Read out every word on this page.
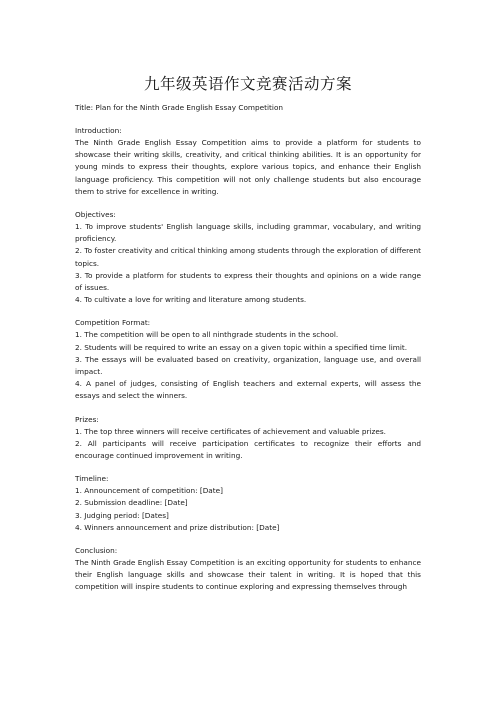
九年级英语作文竞赛活动方案
Title: Plan for the Ninth Grade English Essay Competition
Introduction:

The Ninth Grade English Essay Competition aims to provide a platform for students to showcase their writing skills, creativity, and critical thinking abilities. It is an opportunity for young minds to express their thoughts, explore various topics, and enhance their English language proficiency. This competition will not only challenge students but also encourage them to strive for excellence in writing.

Objectives:

1. To improve students' English language skills, including grammar, vocabulary, and writing proficiency.

2. To foster creativity and critical thinking among students through the exploration of different topics.

3. To provide a platform for students to express their thoughts and opinions on a wide range of issues.

4. To cultivate a love for writing and literature among students.

Competition Format:

1. The competition will be open to all ninthgrade students in the school.

2. Students will be required to write an essay on a given topic within a specified time limit.

3. The essays will be evaluated based on creativity, organization, language use, and overall impact.

4. A panel of judges, consisting of English teachers and external experts, will assess the essays and select the winners.

Prizes:

1. The top three winners will receive certificates of achievement and valuable prizes.

2. All participants will receive participation certificates to recognize their efforts and encourage continued improvement in writing.

Timeline:

1. Announcement of competition: [Date]

2. Submission deadline: [Date]

3. Judging period: [Dates]

4. Winners announcement and prize distribution: [Date]

Conclusion:

The Ninth Grade English Essay Competition is an exciting opportunity for students to enhance their English language skills and showcase their talent in writing. It is hoped that this competition will inspire students to continue exploring and expressing themselves through
